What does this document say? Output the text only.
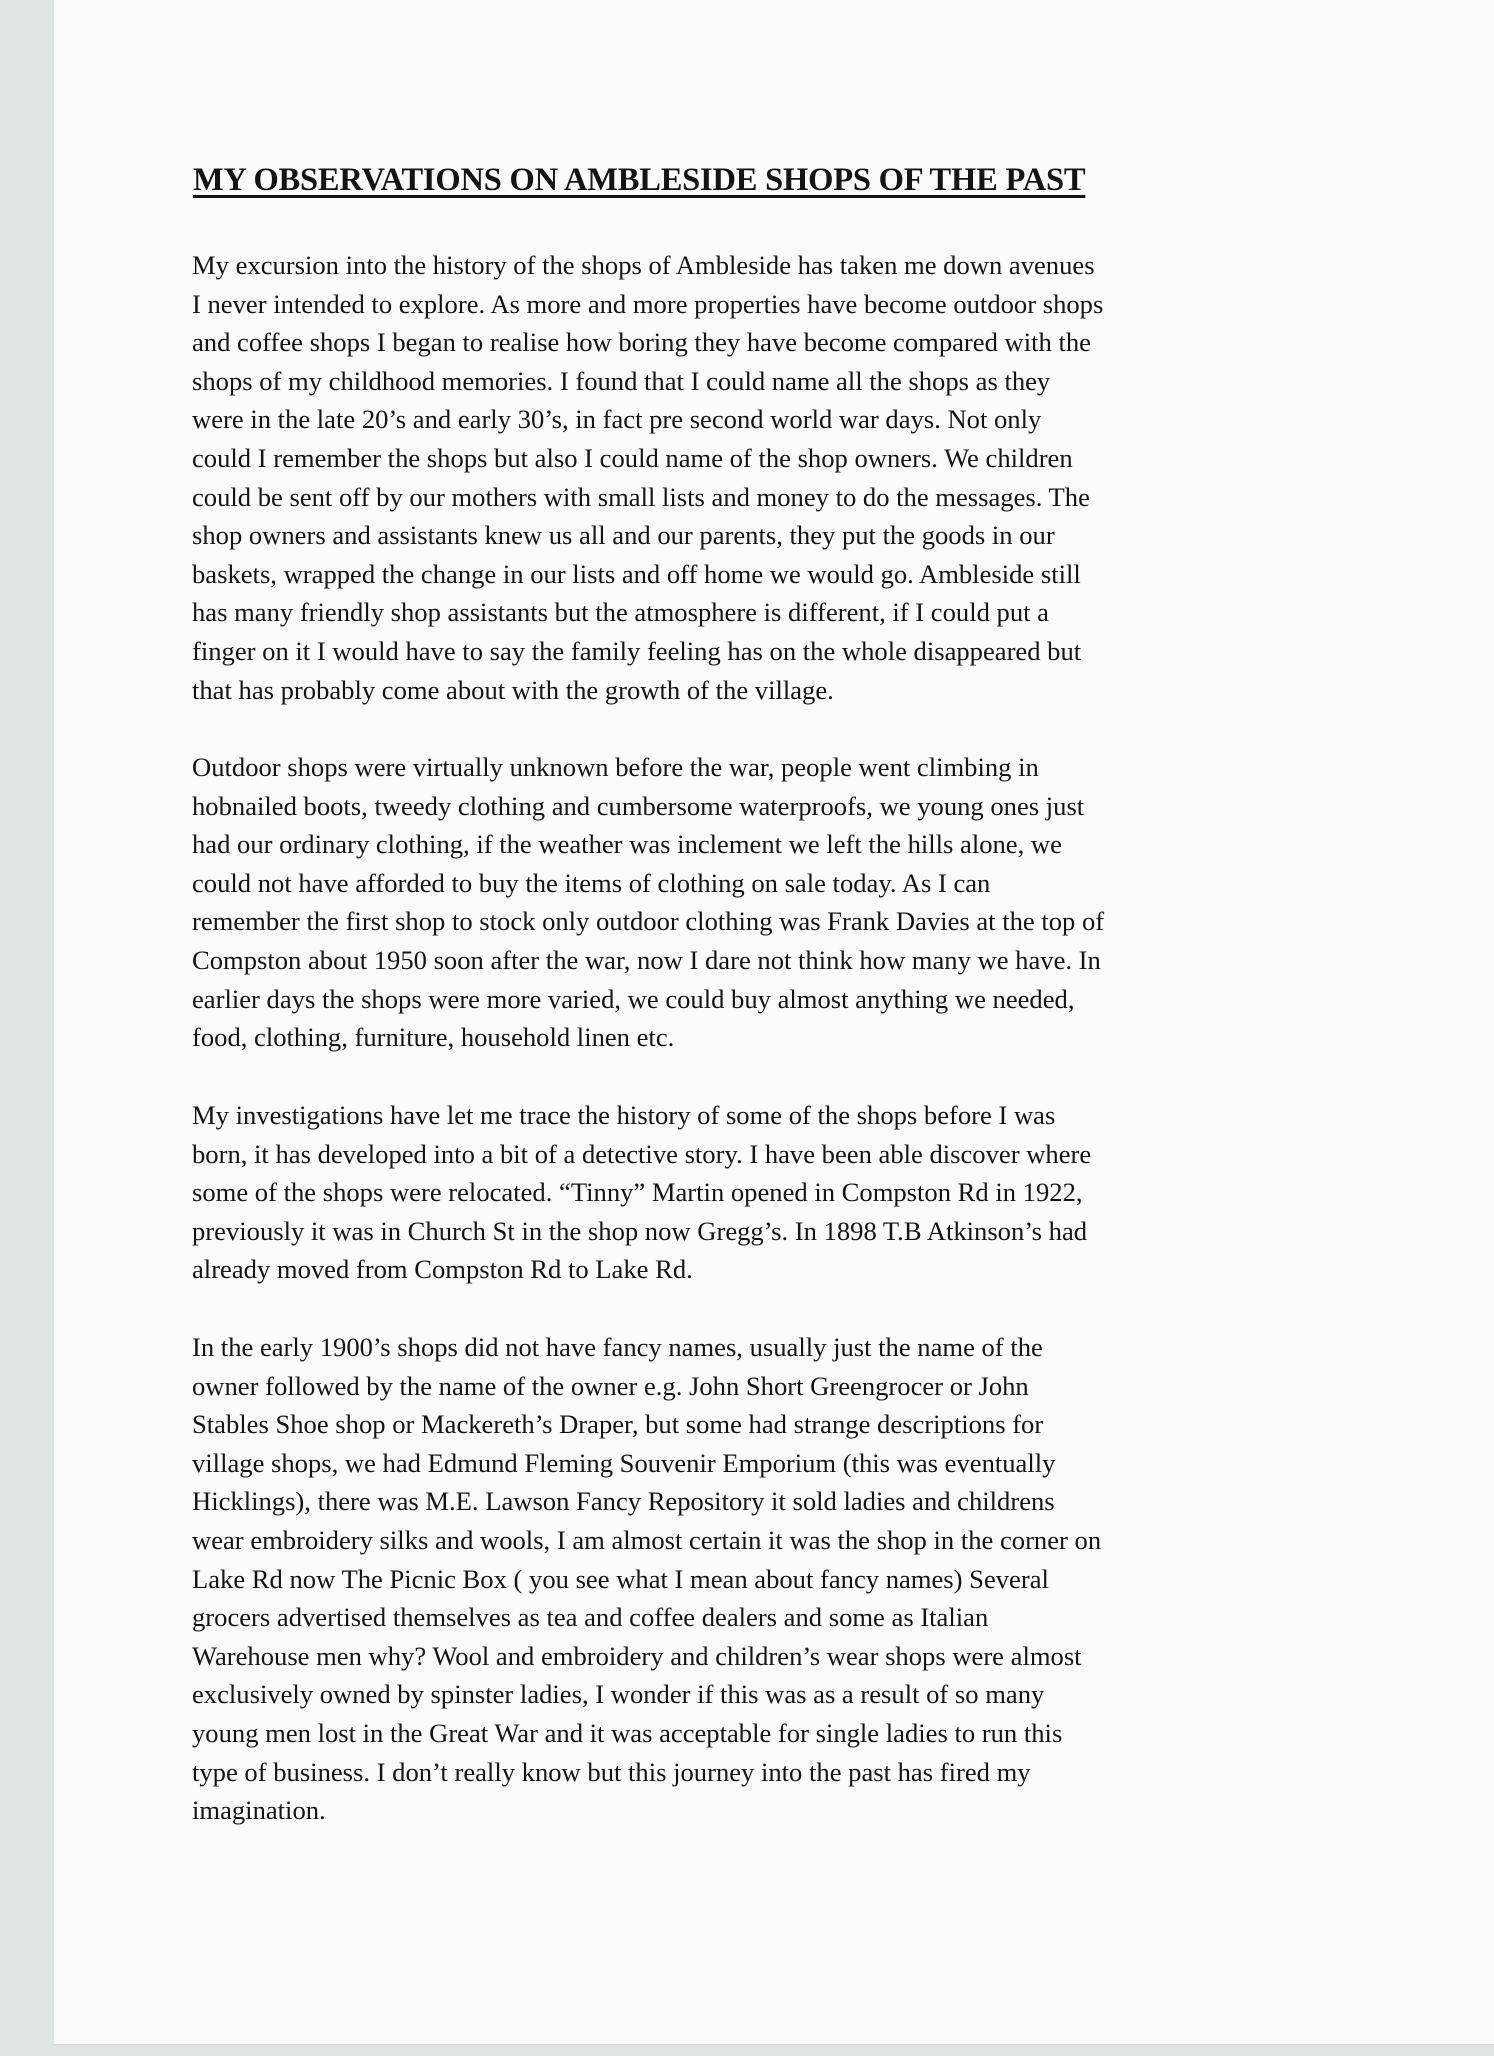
MY OBSERVATIONS ON AMBLESIDE SHOPS OF THE PAST

My excursion into the history of the shops of Ambleside has taken me down avenues
I never intended to explore. As more and more properties have become outdoor shops
and coffee shops I began to realise how boring they have become compared with the
shops of my childhood memories. I found that I could name all the shops as they
were in the late 20’s and early 30’s, in fact pre second world war days. Not only
could I remember the shops but also I could name of the shop owners. We children
could be sent off by our mothers with small lists and money to do the messages. The
shop owners and assistants knew us all and our parents, they put the goods in our
baskets, wrapped the change in our lists and off home we would go. Ambleside still
has many friendly shop assistants but the atmosphere is different, if I could put a
finger on it I would have to say the family feeling has on the whole disappeared but
that has probably come about with the growth of the village.

Outdoor shops were virtually unknown before the war, people went climbing in
hobnailed boots, tweedy clothing and cumbersome waterproofs, we young ones just
had our ordinary clothing, if the weather was inclement we left the hills alone, we
could not have afforded to buy the items of clothing on sale today. As I can
remember the first shop to stock only outdoor clothing was Frank Davies at the top of
Compston about 1950 soon after the war, now I dare not think how many we have. In
earlier days the shops were more varied, we could buy almost anything we needed,
food, clothing, furniture, household linen etc.

My investigations have let me trace the history of some of the shops before I was
born, it has developed into a bit of a detective story. I have been able discover where
some of the shops were relocated. “Tinny” Martin opened in Compston Rd in 1922,
previously it was in Church St in the shop now Gregg’s. In 1898 T.B Atkinson’s had
already moved from Compston Rd to Lake Rd.

In the early 1900’s shops did not have fancy names, usually just the name of the
owner followed by the name of the owner e.g. John Short Greengrocer or John
Stables Shoe shop or Mackereth’s Draper, but some had strange descriptions for
village shops, we had Edmund Fleming Souvenir Emporium (this was eventually
Hicklings), there was M.E. Lawson Fancy Repository it sold ladies and childrens
wear embroidery silks and wools, I am almost certain it was the shop in the corner on
Lake Rd now The Picnic Box ( you see what I mean about fancy names) Several
grocers advertised themselves as tea and coffee dealers and some as Italian
Warehouse men why? Wool and embroidery and children’s wear shops were almost
exclusively owned by spinster ladies, I wonder if this was as a result of so many
young men lost in the Great War and it was acceptable for single ladies to run this
type of business. I don’t really know but this journey into the past has fired my
imagination.
